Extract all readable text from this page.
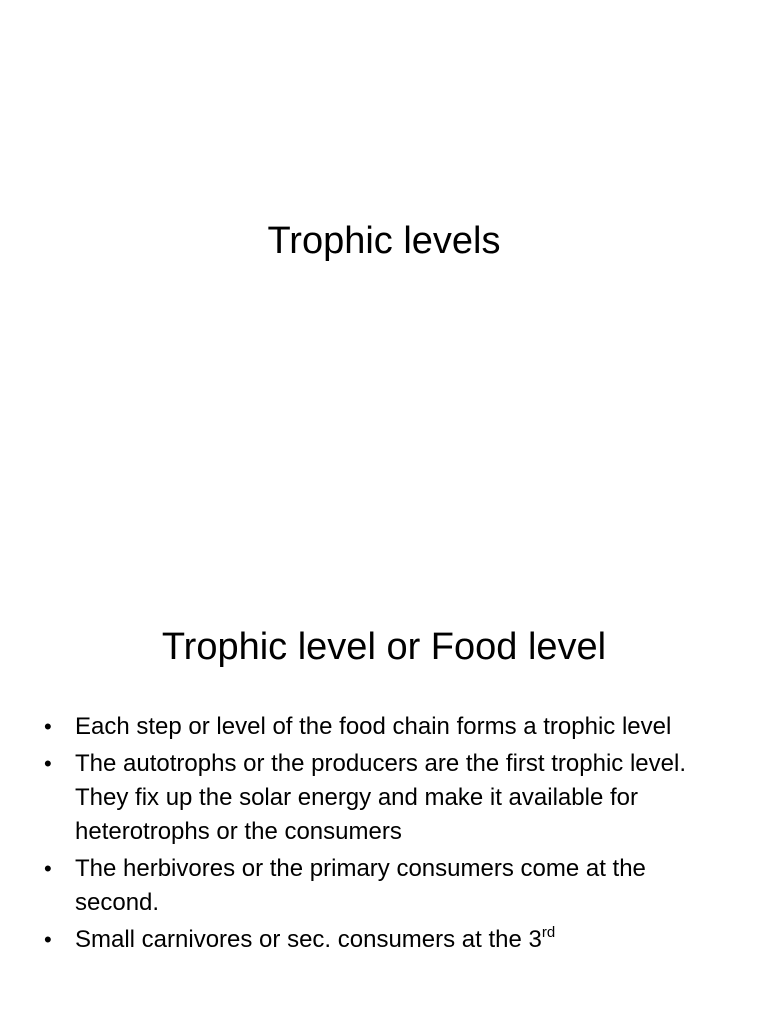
Trophic levels
Trophic level or Food level
• Each step or level of the food chain forms a trophic level
• The autotrophs or the producers are the first trophic level. They fix up the solar energy and make it available for heterotrophs or the consumers
• The herbivores or the primary consumers come at the second.
• Small carnivores or sec. consumers at the 3rd
